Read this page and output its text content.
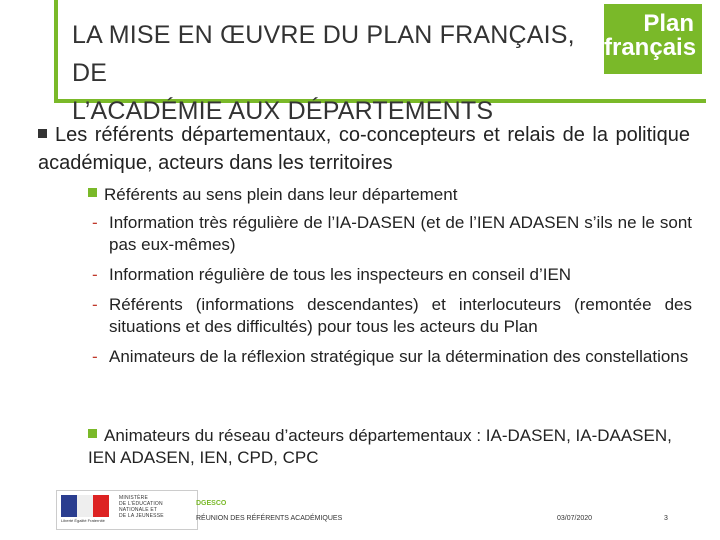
LA MISE EN ŒUVRE DU PLAN FRANÇAIS, DE
L’ACADÉMIE AUX DÉPARTEMENTS
Plan
français
Les référents départementaux, co-concepteurs et relais de la politique académique, acteurs dans les territoires
Référents au sens plein dans leur département
- Information très régulière de l’IA-DASEN (et de l’IEN ADASEN s’ils ne le sont pas eux-mêmes)
- Information régulière de tous les inspecteurs en conseil d’IEN
- Référents (informations descendantes) et interlocuteurs (remontée des situations et des difficultés) pour tous les acteurs du Plan
- Animateurs de la réflexion stratégique sur la détermination des constellations
Animateurs du réseau d’acteurs départementaux : IA-DASEN, IA-DAASEN, IEN ADASEN, IEN, CPD, CPC
Liberté Égalité Fraternité
MINISTÈRE
DE L’ÉDUCATION
NATIONALE ET
DE LA JEUNESSE
DGESCO
RÉUNION DES RÉFÉRENTS ACADÉMIQUES	03/07/2020	3
